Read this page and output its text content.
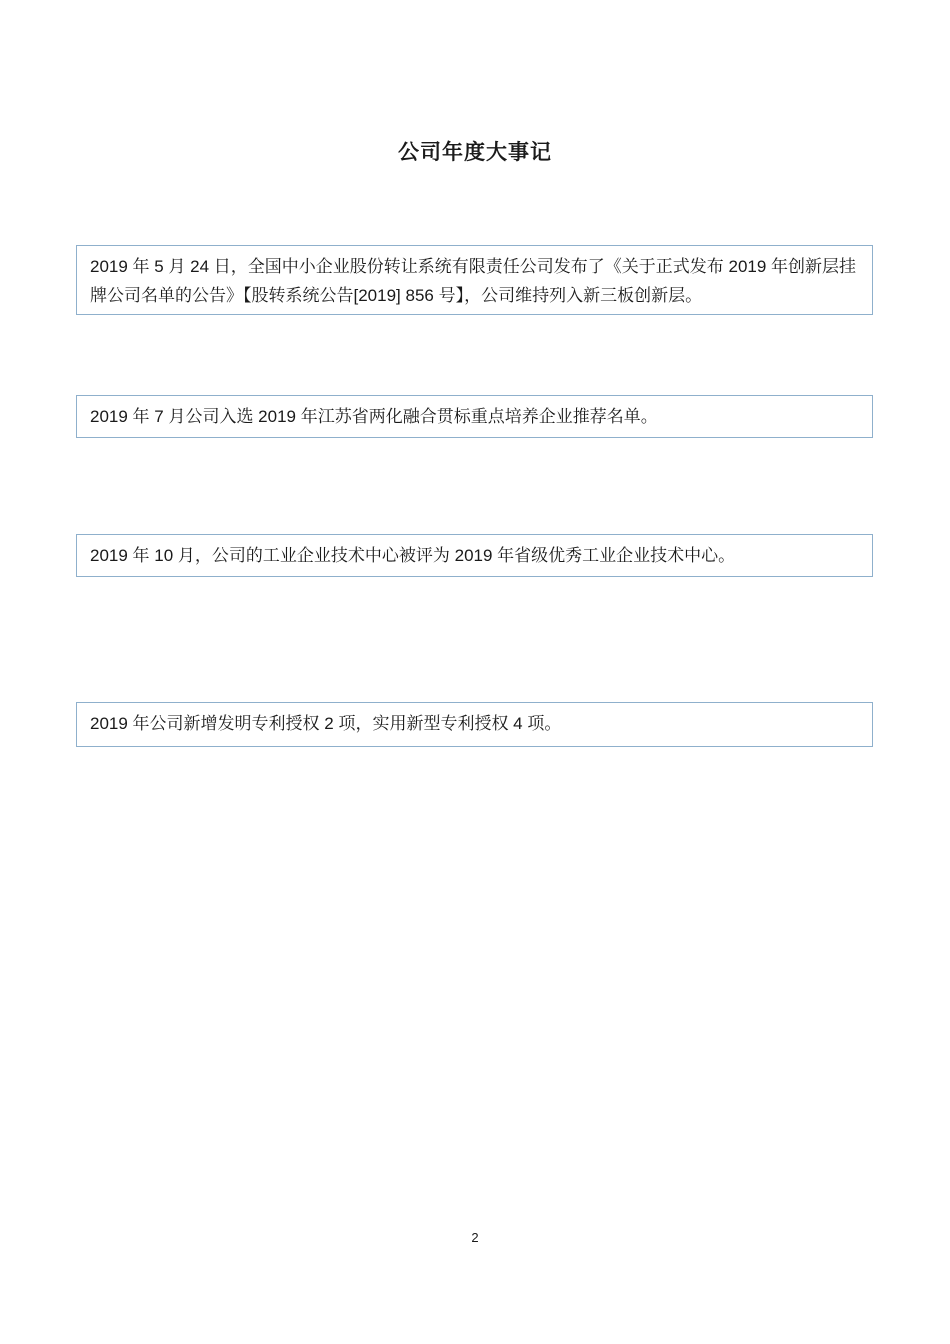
公司年度大事记
2019 年 5 月 24 日，全国中小企业股份转让系统有限责任公司发布了《关于正式发布 2019 年创新层挂牌公司名单的公告》【股转系统公告[2019] 856 号】，公司维持列入新三板创新层。
2019 年 7 月公司入选 2019 年江苏省两化融合贯标重点培养企业推荐名单。
2019 年 10 月，公司的工业企业技术中心被评为 2019 年省级优秀工业企业技术中心。
2019 年公司新增发明专利授权 2 项，实用新型专利授权 4 项。
2
